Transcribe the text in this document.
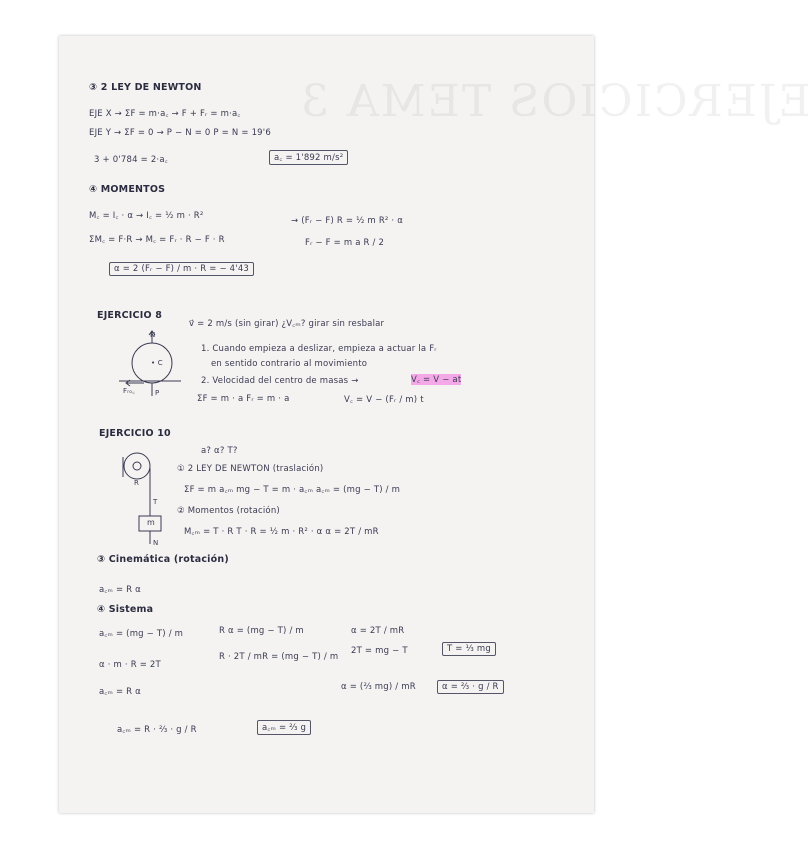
EJERCICIOS TEMA 3
③ 2 LEY DE NEWTON
EJE X → ΣF = m·a꜀ → F + Fᵣ = m·a꜀
EJE Y → ΣF = 0 → P − N = 0 P = N = 19'6
3 + 0'784 = 2·a꜀	a꜀ = 1'892 m/s²
④ MOMENTOS
M꜀ = I꜀ · α → I꜀ = ½ m · R²	→ (Fᵣ − F) R = ½ m R² · α
ΣM꜀ = F·R → M꜀ = Fᵣ · R − F · R	Fᵣ − F = m a R / 2
α = 2 (Fᵣ − F) / m · R = − 4'43
EJERCICIO 8
v⃗ = 2 m/s (sin girar) ¿V꜀ₘ? girar sin resbalar
1. Cuando empieza a deslizar, empieza a actuar la Fᵣ
en sentido contrario al movimiento
2. Velocidad del centro de masas →	V꜀ = V − at
ΣF = m · a Fᵣ = m · a	V꜀ = V − (Fᵣ / m) t
N
• C
Fᵣₒ꜀	P
EJERCICIO 10
a? α? T?
① 2 LEY DE NEWTON (traslación)
ΣF = m a꜀ₘ mg − T = m · a꜀ₘ a꜀ₘ = (mg − T) / m
② Momentos (rotación)
M꜀ₘ = T · R T · R = ½ m · R² · α α = 2T / mR
R
T
m
N
③ Cinemática (rotación)
a꜀ₘ = R α
④ Sistema
a꜀ₘ = (mg − T) / m
α · m · R = 2T
a꜀ₘ = R α
R α = (mg − T) / m
R · 2T / mR = (mg − T) / m
α = 2T / mR
2T = mg − T	T = ⅓ mg
α = (⅔ mg) / mR	α = ⅔ · g / R
a꜀ₘ = R · ⅔ · g / R	a꜀ₘ = ⅔ g
